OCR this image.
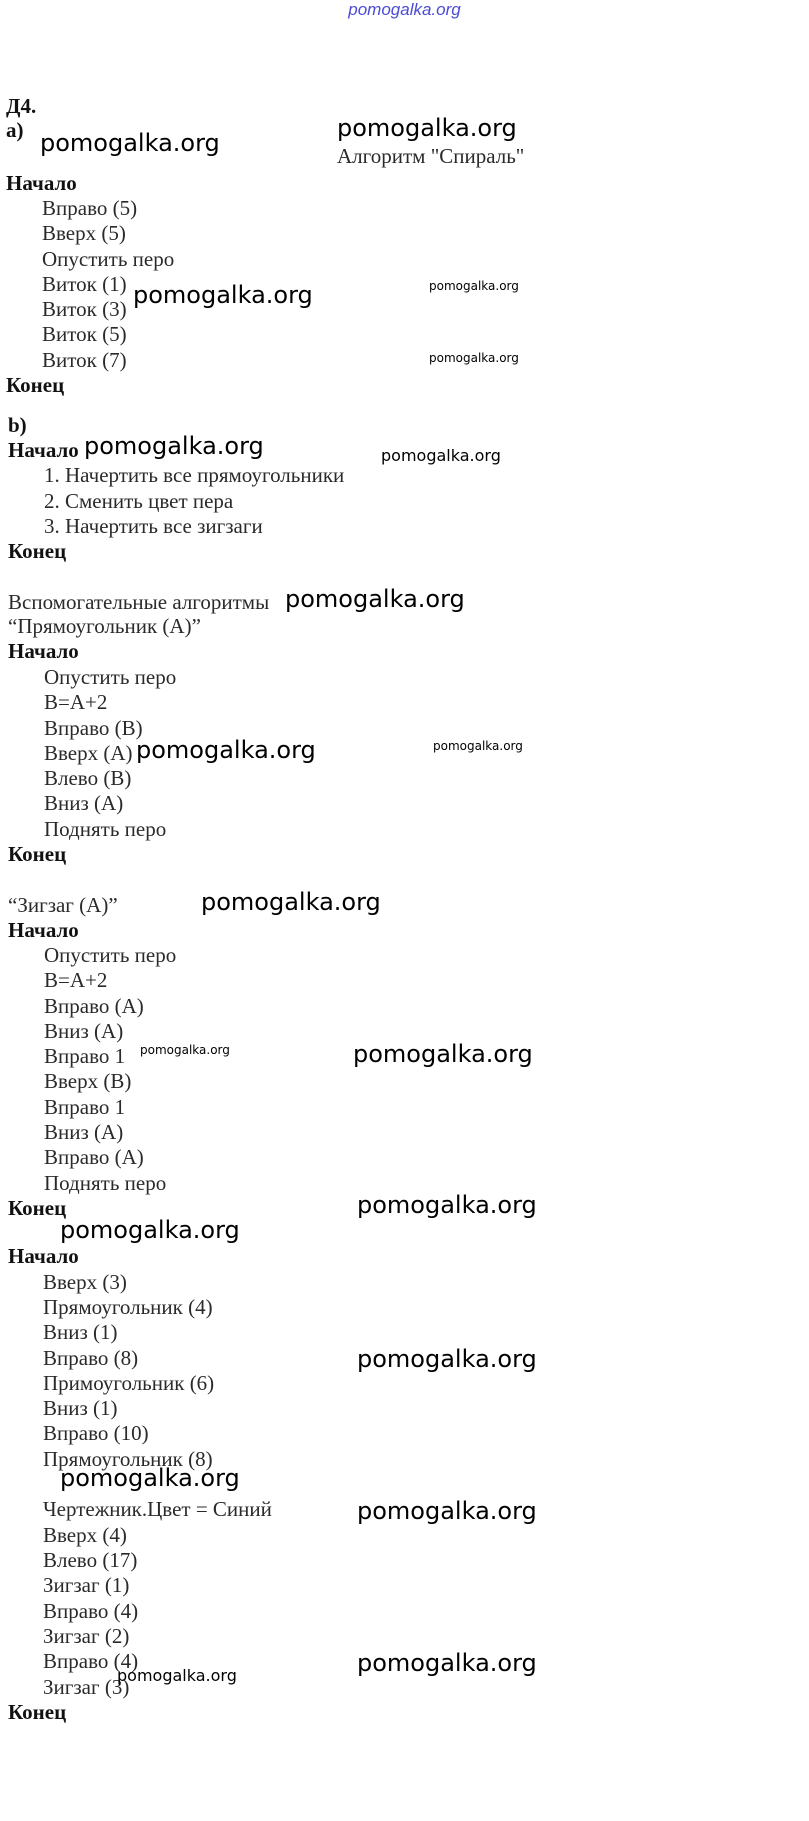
pomogalka.org
Д4.
а)
Алгоритм "Спираль"
Начало
Вправо (5)
Вверх (5)
Опустить перо
Виток (1)
Виток (3)
Виток (5)
Виток (7)
Конец
b)
Начало
1. Начертить все прямоугольники
2. Сменить цвет пера
3. Начертить все зигзаги
Конец
Вспомогательные алгоритмы
“Прямоугольник (А)”
Начало
Опустить перо
В=А+2
Вправо (В)
Вверх (А)
Влево (В)
Вниз (А)
Поднять перо
Конец
“Зигзаг (А)”
Начало
Опустить перо
В=А+2
Вправо (А)
Вниз (А)
Вправо 1
Вверх (В)
Вправо 1
Вниз (А)
Вправо (А)
Поднять перо
Конец
Начало
Вверх (3)
Прямоугольник (4)
Вниз (1)
Вправо (8)
Примоугольник (6)
Вниз (1)
Вправо (10)
Прямоугольник (8)
Чертежник.Цвет = Синий
Вверх (4)
Влево (17)
Зигзаг (1)
Вправо (4)
Зигзаг (2)
Вправо (4)
Зигзаг (3)
Конец
pomogalka.org
pomogalka.org
pomogalka.org
pomogalka.org
pomogalka.org
pomogalka.org	pomogalka.org
pomogalka.org
pomogalka.org	pomogalka.org
pomogalka.org
pomogalka.org	pomogalka.org
pomogalka.org
pomogalka.org
pomogalka.org
pomogalka.org
pomogalka.org
pomogalka.org
pomogalka.org
